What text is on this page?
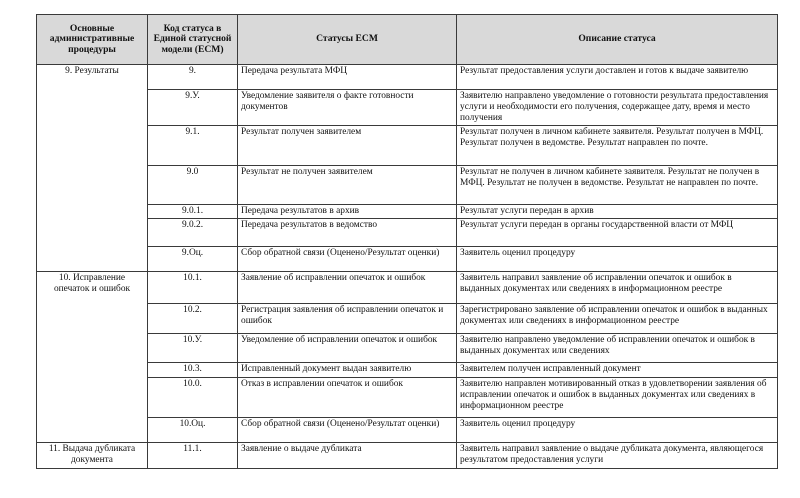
Основные административные процедуры	Код статуса в Единой статусной модели (ЕСМ)	Статусы ЕСМ	Описание статуса
9. Результаты	9.	Передача результата МФЦ	Результат предоставления услуги доставлен и готов к выдаче заявителю
	9.У.	Уведомление заявителя о факте готовности документов	Заявителю направлено уведомление о готовности результата предоставления услуги и необходимости его получения, содержащее дату, время и место получения
	9.1.	Результат получен заявителем	Результат получен в личном кабинете заявителя. Результат получен в МФЦ. Результат получен в ведомстве. Результат направлен по почте.
	9.0	Результат не получен заявителем	Результат не получен в личном кабинете заявителя. Результат не получен в МФЦ. Результат не получен в ведомстве. Результат не направлен по почте.
	9.0.1.	Передача результатов в архив	Результат услуги передан в архив
	9.0.2.	Передача результатов в ведомство	Результат услуги передан в органы государственной власти от МФЦ
	9.Оц.	Сбор обратной связи (Оценено/Результат оценки)	Заявитель оценил процедуру
10. Исправление опечаток и ошибок	10.1.	Заявление об исправлении опечаток и ошибок	Заявитель направил заявление об исправлении опечаток и ошибок в выданных документах или сведениях в информационном реестре
	10.2.	Регистрация заявления об исправлении опечаток и ошибок	Зарегистрировано заявление об исправлении опечаток и ошибок в выданных документах или сведениях в информационном реестре
	10.У.	Уведомление об исправлении опечаток и ошибок	Заявителю направлено уведомление об исправлении опечаток и ошибок в выданных документах или сведениях
	10.3.	Исправленный документ выдан заявителю	Заявителем получен исправленный документ
	10.0.	Отказ в исправлении опечаток и ошибок	Заявителю направлен мотивированный отказ в удовлетворении заявления об исправлении опечаток и ошибок в выданных документах или сведениях в информационном реестре
	10.Оц.	Сбор обратной связи (Оценено/Результат оценки)	Заявитель оценил процедуру
11. Выдача дубликата документа	11.1.	Заявление о выдаче дубликата	Заявитель направил заявление о выдаче дубликата документа, являющегося результатом предоставления услуги
